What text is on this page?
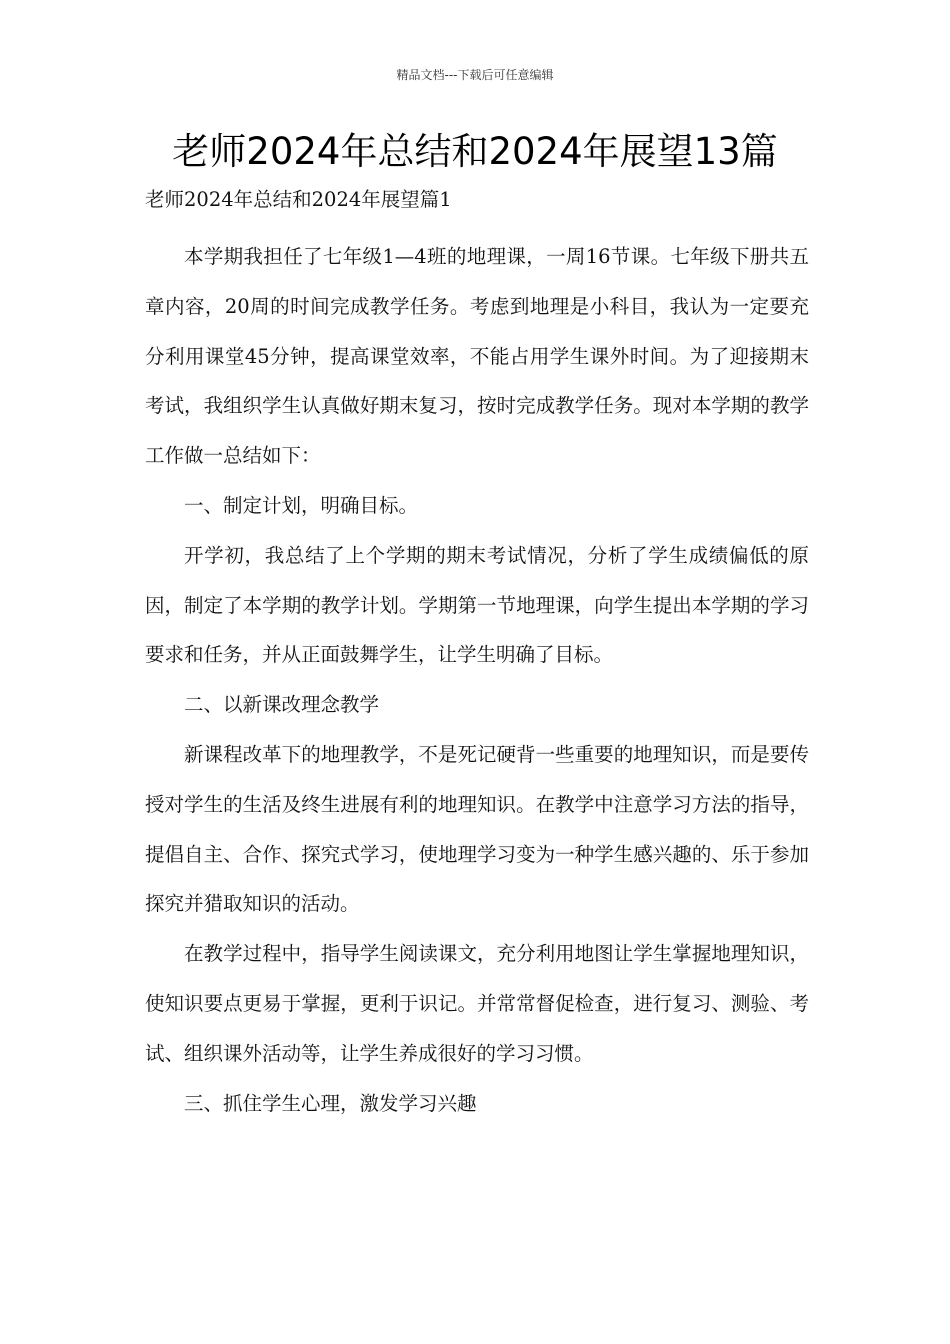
精品文档---下载后可任意编辑
老师2024年总结和2024年展望13篇
老师2024年总结和2024年展望篇1

本学期我担任了七年级1—4班的地理课，一周16节课。七年级下册共五章内容，20周的时间完成教学任务。考虑到地理是小科目，我认为一定要充分利用课堂45分钟，提高课堂效率，不能占用学生课外时间。为了迎接期末考试，我组织学生认真做好期末复习，按时完成教学任务。现对本学期的教学工作做一总结如下：

一、制定计划，明确目标。

开学初，我总结了上个学期的期末考试情况，分析了学生成绩偏低的原因，制定了本学期的教学计划。学期第一节地理课，向学生提出本学期的学习要求和任务，并从正面鼓舞学生，让学生明确了目标。

二、以新课改理念教学

新课程改革下的地理教学，不是死记硬背一些重要的地理知识，而是要传授对学生的生活及终生进展有利的地理知识。在教学中注意学习方法的指导，提倡自主、合作、探究式学习，使地理学习变为一种学生感兴趣的、乐于参加探究并猎取知识的活动。

在教学过程中，指导学生阅读课文，充分利用地图让学生掌握地理知识，使知识要点更易于掌握，更利于识记。并常常督促检查，进行复习、测验、考试、组织课外活动等，让学生养成很好的学习习惯。

三、抓住学生心理，激发学习兴趣
